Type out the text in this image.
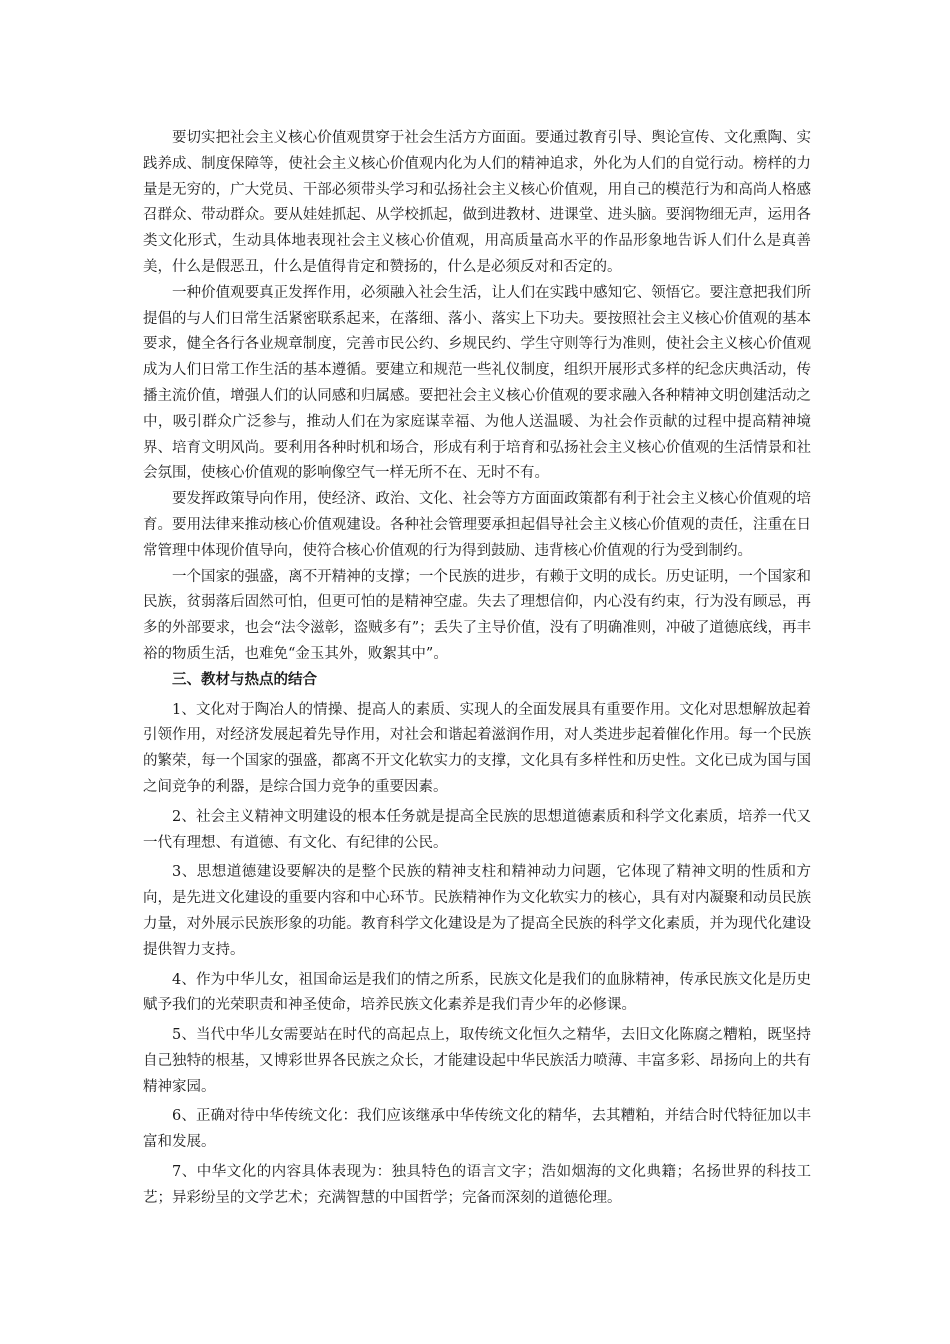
要切实把社会主义核心价值观贯穿于社会生活方方面面。要通过教育引导、舆论宣传、文化熏陶、实践养成、制度保障等，使社会主义核心价值观内化为人们的精神追求，外化为人们的自觉行动。榜样的力量是无穷的，广大党员、干部必须带头学习和弘扬社会主义核心价值观，用自己的模范行为和高尚人格感召群众、带动群众。要从娃娃抓起、从学校抓起，做到进教材、进课堂、进头脑。要润物细无声，运用各类文化形式，生动具体地表现社会主义核心价值观，用高质量高水平的作品形象地告诉人们什么是真善美，什么是假恶丑，什么是值得肯定和赞扬的，什么是必须反对和否定的。

一种价值观要真正发挥作用，必须融入社会生活，让人们在实践中感知它、领悟它。要注意把我们所提倡的与人们日常生活紧密联系起来，在落细、落小、落实上下功夫。要按照社会主义核心价值观的基本要求，健全各行各业规章制度，完善市民公约、乡规民约、学生守则等行为准则，使社会主义核心价值观成为人们日常工作生活的基本遵循。要建立和规范一些礼仪制度，组织开展形式多样的纪念庆典活动，传播主流价值，增强人们的认同感和归属感。要把社会主义核心价值观的要求融入各种精神文明创建活动之中，吸引群众广泛参与，推动人们在为家庭谋幸福、为他人送温暖、为社会作贡献的过程中提高精神境界、培育文明风尚。要利用各种时机和场合，形成有利于培育和弘扬社会主义核心价值观的生活情景和社会氛围，使核心价值观的影响像空气一样无所不在、无时不有。

要发挥政策导向作用，使经济、政治、文化、社会等方方面面政策都有利于社会主义核心价值观的培育。要用法律来推动核心价值观建设。各种社会管理要承担起倡导社会主义核心价值观的责任，注重在日常管理中体现价值导向，使符合核心价值观的行为得到鼓励、违背核心价值观的行为受到制约。

一个国家的强盛，离不开精神的支撑；一个民族的进步，有赖于文明的成长。历史证明，一个国家和民族，贫弱落后固然可怕，但更可怕的是精神空虚。失去了理想信仰，内心没有约束，行为没有顾忌，再多的外部要求，也会“法令滋彰，盗贼多有”；丢失了主导价值，没有了明确准则，冲破了道德底线，再丰裕的物质生活，也难免“金玉其外，败絮其中”。

三、教材与热点的结合

1、文化对于陶冶人的情操、提高人的素质、实现人的全面发展具有重要作用。文化对思想解放起着引领作用，对经济发展起着先导作用，对社会和谐起着滋润作用，对人类进步起着催化作用。每一个民族的繁荣，每一个国家的强盛，都离不开文化软实力的支撑，文化具有多样性和历史性。文化已成为国与国之间竞争的利器，是综合国力竞争的重要因素。

2、社会主义精神文明建设的根本任务就是提高全民族的思想道德素质和科学文化素质，培养一代又一代有理想、有道德、有文化、有纪律的公民。

3、思想道德建设要解决的是整个民族的精神支柱和精神动力问题，它体现了精神文明的性质和方向，是先进文化建设的重要内容和中心环节。民族精神作为文化软实力的核心，具有对内凝聚和动员民族力量，对外展示民族形象的功能。教育科学文化建设是为了提高全民族的科学文化素质，并为现代化建设提供智力支持。

4、作为中华儿女，祖国命运是我们的情之所系，民族文化是我们的血脉精神，传承民族文化是历史赋予我们的光荣职责和神圣使命，培养民族文化素养是我们青少年的必修课。

5、当代中华儿女需要站在时代的高起点上，取传统文化恒久之精华，去旧文化陈腐之糟粕，既坚持自己独特的根基，又博彩世界各民族之众长，才能建设起中华民族活力喷薄、丰富多彩、昂扬向上的共有精神家园。

6、正确对待中华传统文化：我们应该继承中华传统文化的精华，去其糟粕，并结合时代特征加以丰富和发展。

7、中华文化的内容具体表现为：独具特色的语言文字；浩如烟海的文化典籍；名扬世界的科技工艺；异彩纷呈的文学艺术；充满智慧的中国哲学；完备而深刻的道德伦理。
